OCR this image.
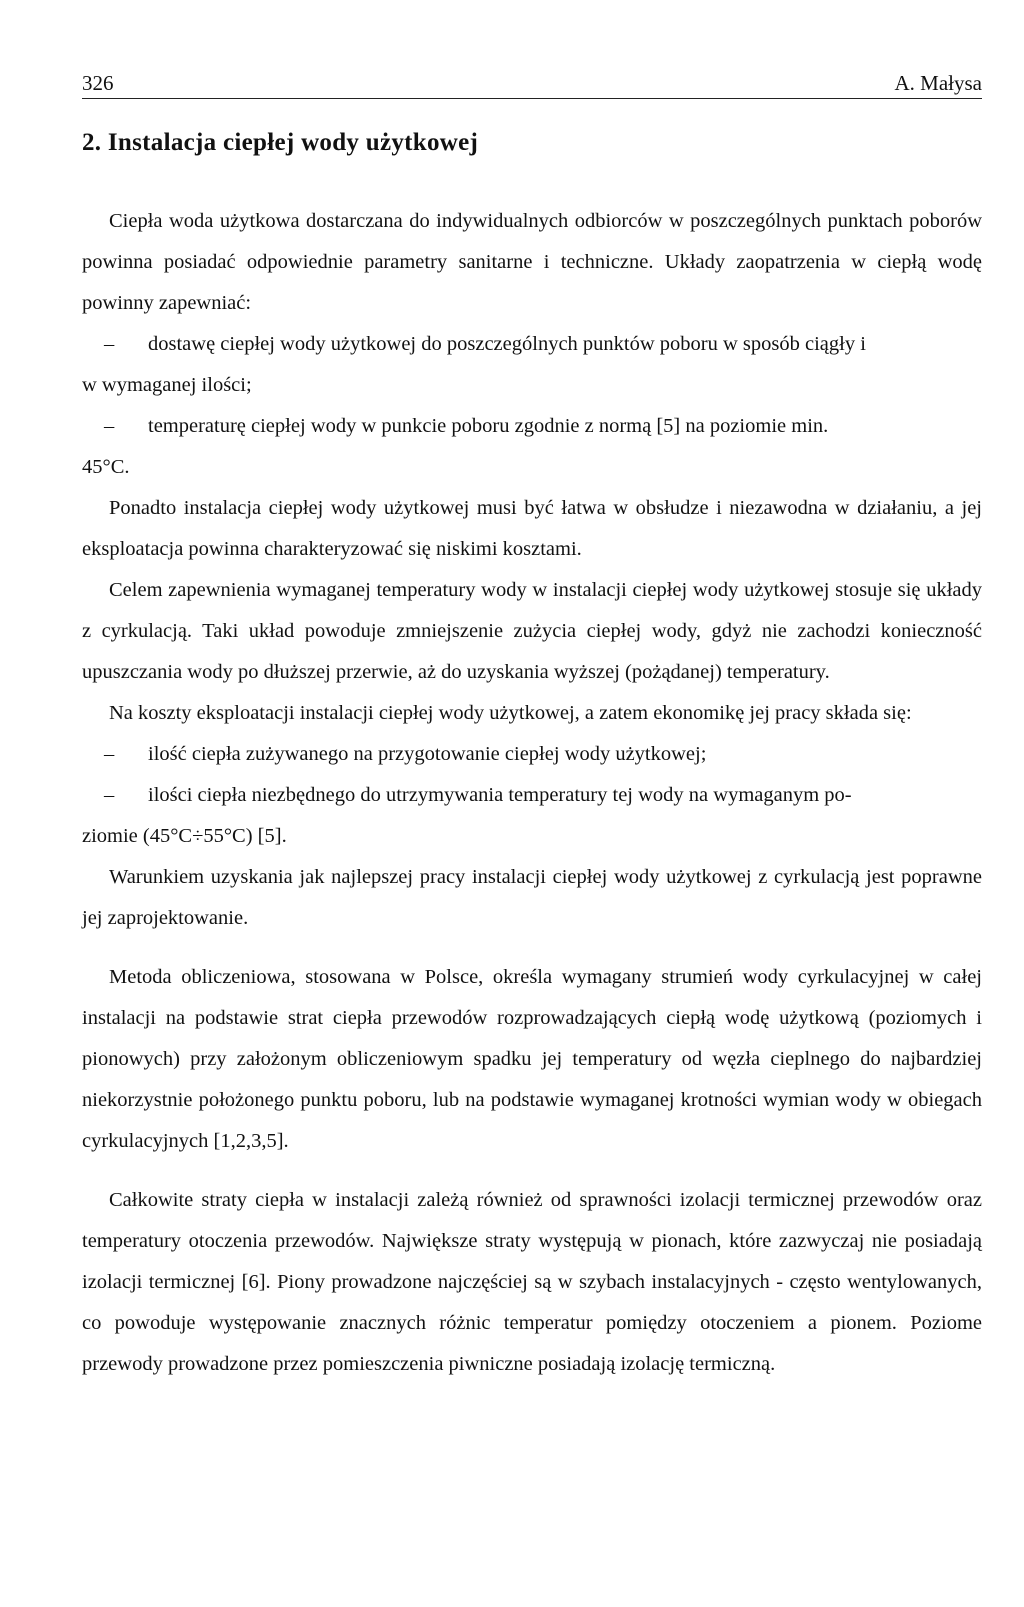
326	A. Małysa
2. Instalacja ciepłej wody użytkowej

Ciepła woda użytkowa dostarczana do indywidualnych odbiorców w poszczególnych punktach poborów powinna posiadać odpowiednie parametry sanitarne i techniczne. Układy zaopatrzenia w ciepłą wodę powinny zapewniać:

– dostawę ciepłej wody użytkowej do poszczególnych punktów poboru w sposób ciągły i
w wymaganej ilości;
– temperaturę ciepłej wody w punkcie poboru zgodnie z normą [5] na poziomie min.
45°C.

Ponadto instalacja ciepłej wody użytkowej musi być łatwa w obsłudze i niezawodna w działaniu, a jej eksploatacja powinna charakteryzować się niskimi kosztami.

Celem zapewnienia wymaganej temperatury wody w instalacji ciepłej wody użytkowej stosuje się układy z cyrkulacją. Taki układ powoduje zmniejszenie zużycia ciepłej wody, gdyż nie zachodzi konieczność upuszczania wody po dłuższej przerwie, aż do uzyskania wyższej (pożądanej) temperatury.

Na koszty eksploatacji instalacji ciepłej wody użytkowej, a zatem ekonomikę jej pracy składa się:

– ilość ciepła zużywanego na przygotowanie ciepłej wody użytkowej;
– ilości ciepła niezbędnego do utrzymywania temperatury tej wody na wymaganym po-
ziomie (45°C÷55°C) [5].

Warunkiem uzyskania jak najlepszej pracy instalacji ciepłej wody użytkowej z cyrkulacją jest poprawne jej zaprojektowanie.

Metoda obliczeniowa, stosowana w Polsce, określa wymagany strumień wody cyrkulacyjnej w całej instalacji na podstawie strat ciepła przewodów rozprowadzających ciepłą wodę użytkową (poziomych i pionowych) przy założonym obliczeniowym spadku jej temperatury od węzła cieplnego do najbardziej niekorzystnie położonego punktu poboru, lub na podstawie wymaganej krotności wymian wody w obiegach cyrkulacyjnych [1,2,3,5].

Całkowite straty ciepła w instalacji zależą również od sprawności izolacji termicznej przewodów oraz temperatury otoczenia przewodów. Największe straty występują w pionach, które zazwyczaj nie posiadają izolacji termicznej [6]. Piony prowadzone najczęściej są w szybach instalacyjnych - często wentylowanych, co powoduje występowanie znacznych różnic temperatur pomiędzy otoczeniem a pionem. Poziome przewody prowadzone przez pomieszczenia piwniczne posiadają izolację termiczną.
